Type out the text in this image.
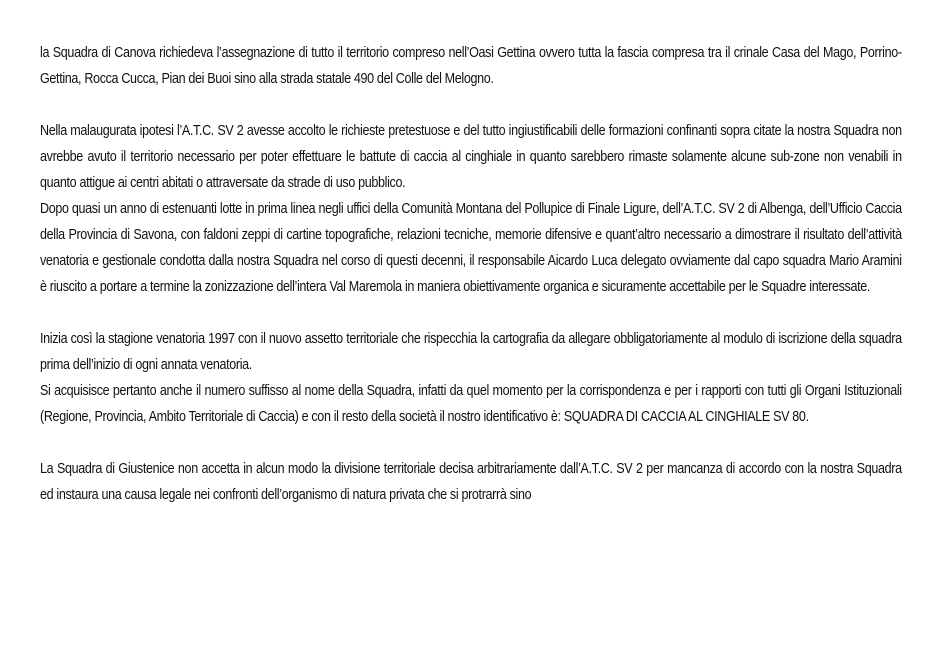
la Squadra di Canova richiedeva l’assegnazione di tutto il territorio compreso nell’Oasi Gettina ovvero tutta la fascia compresa tra il crinale Casa del Mago, Porrino-Gettina, Rocca Cucca, Pian dei Buoi sino alla strada statale 490 del Colle del Melogno.

Nella malaugurata ipotesi l’A.T.C. SV 2 avesse accolto le richieste pretestuose e del tutto ingiustificabili delle formazioni confinanti sopra citate la nostra Squadra non avrebbe avuto il territorio necessario per poter effettuare le battute di caccia al cinghiale in quanto sarebbero rimaste solamente alcune sub-zone non venabili in quanto attigue ai centri abitati o attraversate da strade di uso pubblico.

Dopo quasi un anno di estenuanti lotte in prima linea negli uffici della Comunità Montana del Pollupice di Finale Ligure, dell’A.T.C. SV 2 di Albenga, dell’Ufficio Caccia della Provincia di Savona, con faldoni zeppi di cartine topografiche, relazioni tecniche, memorie difensive e quant’altro necessario a dimostrare il risultato dell’attività venatoria e gestionale condotta dalla nostra Squadra nel corso di questi decenni, il responsabile Aicardo Luca delegato ovviamente dal capo squadra Mario Aramini è riuscito a portare a termine la zonizzazione dell’intera Val Maremola in maniera obiettivamente organica e sicuramente accettabile per le Squadre interessate.

Inizia così la stagione venatoria 1997 con il nuovo assetto territoriale che rispecchia la cartografia da allegare obbligatoriamente al modulo di iscrizione della squadra prima dell’inizio di ogni annata venatoria.

Si acquisisce pertanto anche il numero suffisso al nome della Squadra, infatti da quel momento per la corrispondenza e per i rapporti con tutti gli Organi Istituzionali (Regione, Provincia, Ambito Territoriale di Caccia) e con il resto della società il nostro identificativo è: SQUADRA DI CACCIA AL CINGHIALE SV 80.

La Squadra di Giustenice non accetta in alcun modo la divisione territoriale decisa arbitrariamente dall’A.T.C. SV 2 per mancanza di accordo con la nostra Squadra ed instaura una causa legale nei confronti dell’organismo di natura privata che si protrarrà sino
